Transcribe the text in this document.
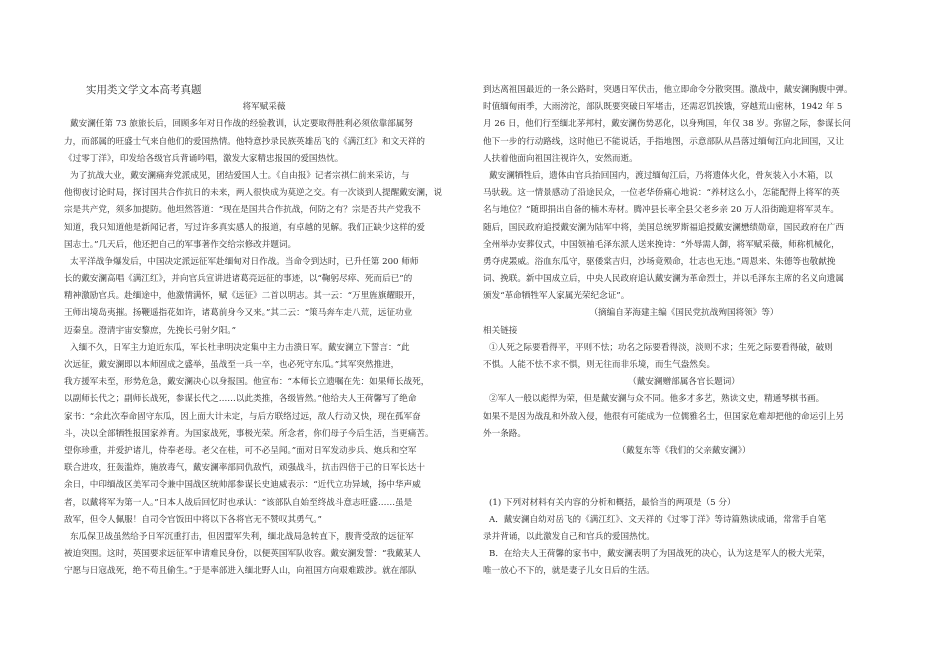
实用类文学文本高考真题
将军赋采薇
戴安澜任第 73 旅旅长后，回顾多年对日作战的经验教训，认定要取得胜利必须依靠部属努
力，而部属的旺盛士气来自他们的爱国热情。他特意抄录民族英雄岳飞的《满江红》和文天祥的
《过零丁洋》，印发给各级官兵背诵吟唱，激发大家精忠报国的爱国热忱。
为了抗战大业，戴安澜痛奔党派成见，团结爱国人士。《自由报》记者宗祺仁前来采访，与
他彻夜讨论时局，探讨国共合作抗日的未来，两人很快成为莫逆之交。有一次谈到人提醒戴安澜，说
宗是共产党，须多加提防。他坦然答道：“现在是国共合作抗战，何防之有？宗是否共产党我不
知道，我只知道他是新闻记者，写过许多真实感人的报道，有卓越的见解。我们正缺少这样的爱
国志士。”几天后，他还把自己的军事著作交给宗修改并题词。
太平洋战争爆发后，中国决定派远征军赴缅甸对日作战。当命令到达时，已升任第 200 师师
长的戴安澜高唱《满江红》，并向官兵宣讲进诸葛亮远征的事迹，以“鞠躬尽瘁、死而后已”的
精神激励官兵。赴缅途中，他激情满怀，赋《远征》二首以明志。其一云：“万里旌旗耀眼开，
王师出境岛夷摧。扬鞭遥指花如许，诸葛前身今又来。”其二云：“策马奔车走八荒，远征功业
迈秦皇。澄清宇宙安黎庶，先挽长弓射夕阳。”
入缅不久，日军主力迫近东瓜，军长杜聿明决定集中主力击溃日军。戴安澜立下誓言：“此
次远征，戴安澜即以本师固成之盛举，虽战至一兵一卒，也必死守东瓜。”其军突然推进，
我方援军未至，形势危急，戴安澜决心以身报国。他宣布：“本师长立遗嘱在先：如果师长战死，
以副师长代之；副师长战死，参谋长代之……以此类推，各级皆然。”他给夫人王荷馨写了绝命
家书：“余此次奉命固守东瓜，因上面大计未定，与后方联络过远，敌人行动又快，现在孤军奋
斗，决以全部牺牲报国家养育。为国家战死，事极光荣。所念者，你们母子今后生活，当更痛苦。
望你珍重，并爱护诸儿，侍奉老母。老父在桂，可不必呈闻。”面对日军发动步兵、炮兵和空军
联合进攻，狂轰滥炸，施放毒气，戴安澜率部同仇敌忾，顽强战斗，抗击四倍于己的日军长达十
余日，中印缅战区美军司令兼中国战区统帅部参谋长史迪威表示：“近代立功异域，扬中华声威
者，以戴将军为第一人。”日本人战后回忆时也承认：“该部队自始至终战斗意志旺盛……虽是
敌军，但令人佩服！自司令官饭田中将以下各将官无不赞叹其勇气。”
东瓜保卫战虽然给予日军沉重打击，但因盟军失利，缅北战局急转直下，腹背受敌的远征军
被迫突围。这时，英国要求远征军申请难民身份，以便英国军队收容。戴安澜发誓：“我戴某人
宁愿与日寇战死，绝不苟且偷生。”于是率部进入缅北野人山，向祖国方向艰难跋涉。就在部队
到达离祖国最近的一条公路时，突遇日军伏击，他立即命令分散突围。激战中，戴安澜胸腹中弹。
时值缅甸雨季，大雨滂沱，部队既要突破日军堵击，还需忍饥挨饿，穿越荒山密林，1942 年 5
月 26 日，他们行至缅北茅邦村，戴安澜伤势恶化，以身殉国，年仅 38 岁。弥留之际，参谋长问
他下一步的行动路线，这时他已不能说话，手指地图，示意部队从昌落过缅甸江向北回国，又让
人扶着他面向祖国注视许久，安然而逝。
戴安澜牺牲后，遗体由官兵抬回国内，渡过缅甸江后，乃将遗体火化，骨灰装入小木箱，以
马驮载。这一情景感动了沿途民众，一位老华侨痛心地说：“养材这么小，怎能配得上将军的英
名与地位？”随即捐出自备的楠木寿材。腾冲县长率全县父老乡亲 20 万人沿街跪迎将军灵车。
随后，国民政府追授戴安澜为陆军中将，美国总统罗斯福追授戴安澜懋绩勋章，国民政府在广西
全州举办安葬仪式，中国领袖毛泽东派人送来挽诗：“外辱需人御，将军赋采薇，师称机械化，
勇夺虎罴威。浴血东瓜守，驱倭棠吉归，沙场竟殒命，壮志也无违。”周恩来、朱德等也敬献挽
词、挽联。新中国成立后，中央人民政府追认戴安澜为革命烈士，并以毛泽东主席的名义向遗属
颁发“革命牺牲军人家属光荣纪念证”。
（摘编自茅海建主编《国民党抗战殉国将领》等）
相关链接
①人死之际要看得平，平则不怯；功名之际要看得淡，淡则不求；生死之际要看得破，破则
不惧。人能不怯不求不惧，则无往而非乐境，而生气盎然矣。
（戴安澜赠部属各官长题词）
②军人一般以彪悍为荣，但是戴安澜与众不同。他多才多艺，熟读文史，精通琴棋书画。
如果不是因为战乱和外敌入侵，他很有可能成为一位儒雅名士，但国家危难却把他的命运引上另
外一条路。
（戴复东等《我们的父亲戴安澜》）
(1) 下列对材料有关内容的分析和概括，最恰当的两项是（5 分）
A．戴安澜自幼对岳飞的《满江红》、文天祥的《过零丁洋》等诗篇熟读成诵，常常手自笔
录并背诵，以此激发自己和官兵的爱国热忱。
B．在给夫人王荷馨的家书中，戴安澜表明了为国战死的决心，认为这是军人的极大光荣，
唯一放心不下的，就是妻子儿女日后的生活。
